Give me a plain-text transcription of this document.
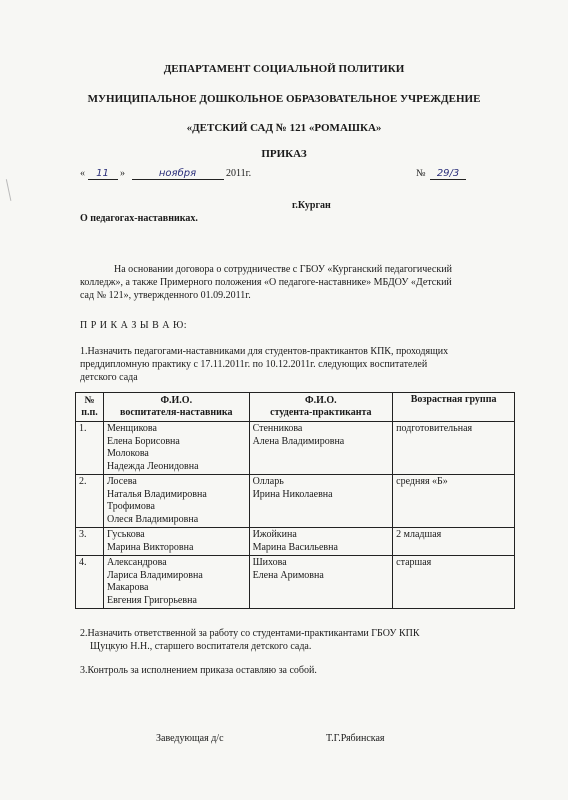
ДЕПАРТАМЕНТ СОЦИАЛЬНОЙ ПОЛИТИКИ
МУНИЦИПАЛЬНОЕ ДОШКОЛЬНОЕ ОБРАЗОВАТЕЛЬНОЕ УЧРЕЖДЕНИЕ
«ДЕТСКИЙ САД № 121 «РОМАШКА»
ПРИКАЗ
« 11 »	ноября	2011г.	№ 29/3
г.Курган
О педагогах-наставниках.
На основании договора о сотрудничестве с ГБОУ «Курганский педагогический
колледж», а также Примерного положения «О педагоге-наставнике» МБДОУ «Детский
сад № 121», утвержденного 01.09.2011г.
П Р И К А З Ы В А Ю:
1.Назначить педагогами-наставниками для студентов-практикантов КПК, проходящих
преддипломную практику с 17.11.2011г. по 10.12.2011г. следующих воспитателей
детского сада
№
п.п.	Ф.И.О.
воспитателя-наставника	Ф.И.О.
студента-практиканта	Возрастная группа

1.	Менщикова
Елена Борисовна
Молокова
Надежда Леонидовна	Стенникова
Алена Владимировна	подготовительная
2.	Лосева
Наталья Владимировна
Трофимова
Олеся Владимировна	Олларь
Ирина Николаевна	средняя «Б»
3.	Гуськова
Марина Викторовна	Ижойкина
Марина Васильевна	2 младшая
4.	Александрова
Лариса Владимировна
Макарова
Евгения Григорьевна	Шихова
Елена Аримовна	старшая
2.Назначить ответственной за работу со студентами-практикантами ГБОУ КПК
Щуцкую Н.Н., старшего воспитателя детского сада.
3.Контроль за исполнением приказа оставляю за собой.
Заведующая д/с	Т.Г.Рябинская
